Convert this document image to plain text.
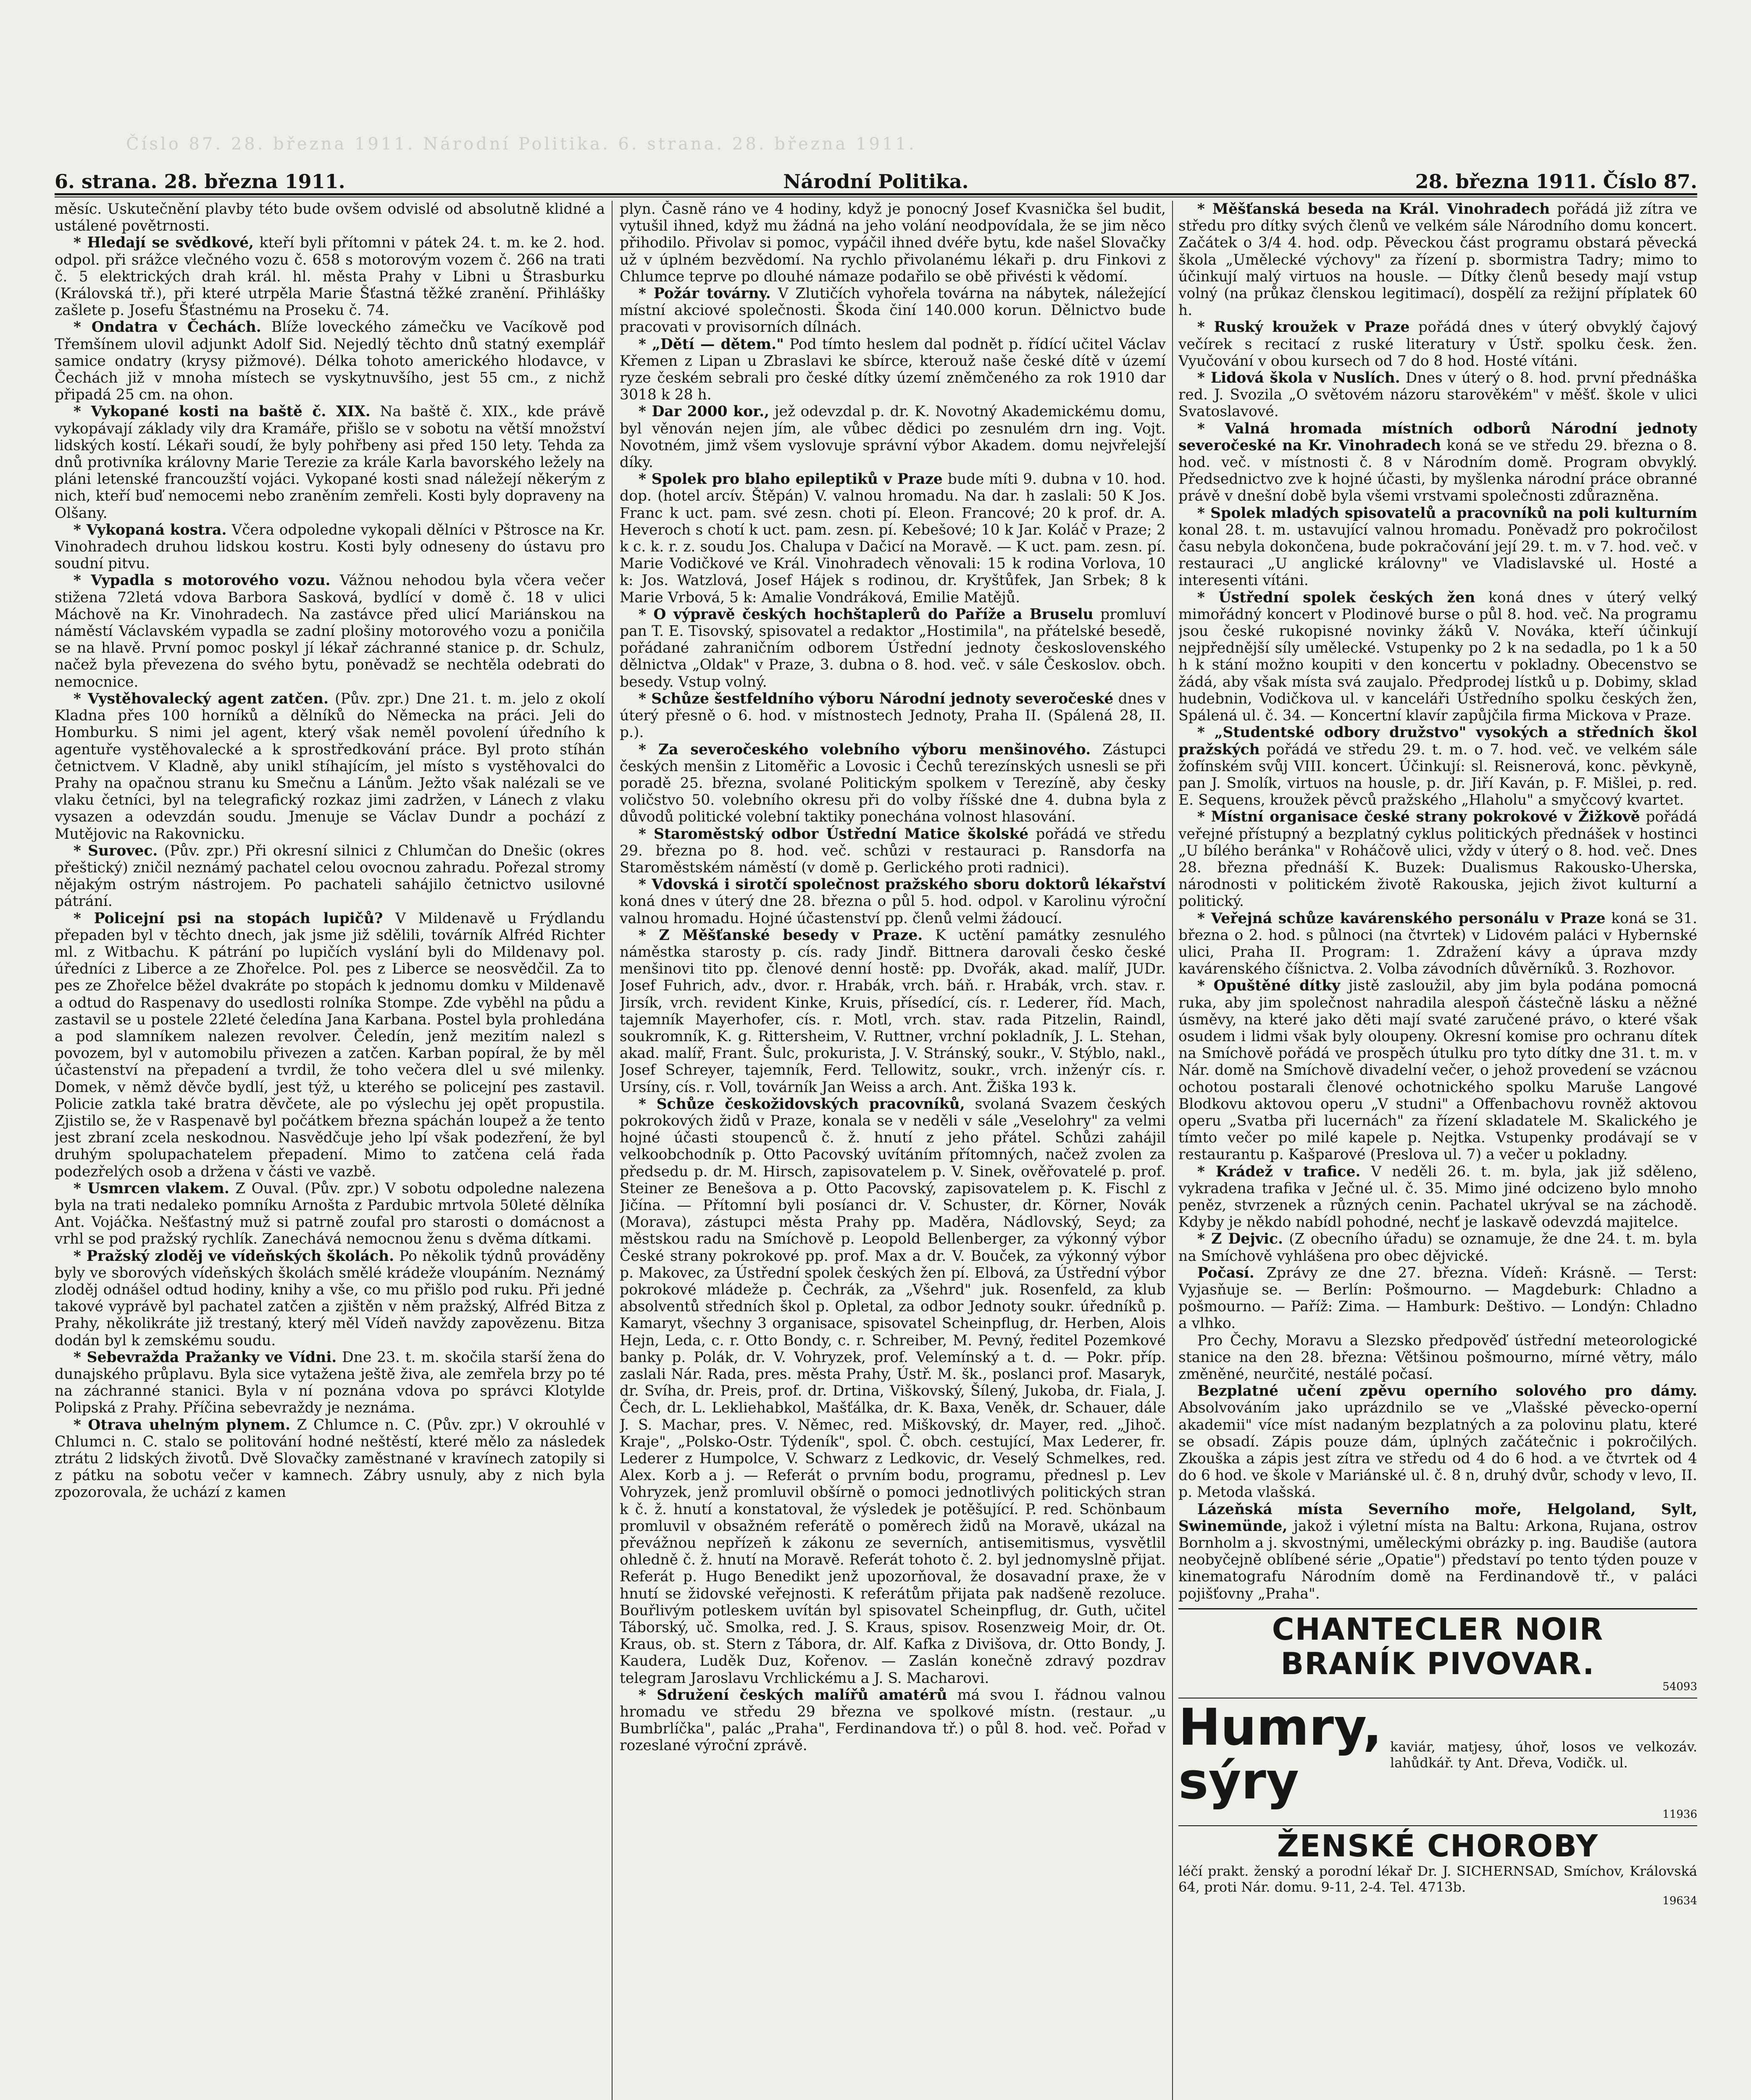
Číslo 87. 28. března 1911. Národní Politika. 6. strana. 28. března 1911.
6. strana. 28. března 1911.	Národní Politika.	28. března 1911. Číslo 87.

měsíc. Uskutečnění plavby této bude ovšem odvislé od absolutně klidné a ustálené povětrnosti.

* Hledají se svědkové, kteří byli přítomni v pátek 24. t. m. ke 2. hod. odpol. při srážce vlečného vozu č. 658 s motorovým vozem č. 266 na trati č. 5 elektrických drah král. hl. města Prahy v Libni u Štrasburku (Královská tř.), při které utrpěla Marie Šťastná těžké zranění. Přihlášky zašlete p. Josefu Šťastnému na Proseku č. 74.

* Ondatra v Čechách. Blíže loveckého zámečku ve Vacíkově pod Třemšínem ulovil adjunkt Adolf Sid. Nejedlý těchto dnů statný exemplář samice ondatry (krysy pižmové). Délka tohoto amerického hlodavce, v Čechách již v mnoha místech se vyskytnuvšího, jest 55 cm., z nichž připadá 25 cm. na ohon.

* Vykopané kosti na baště č. XIX. Na baště č. XIX., kde právě vykopávají základy vily dra Kramáře, přišlo se v sobotu na větší množství lidských kostí. Lékaři soudí, že byly pohřbeny asi před 150 lety. Tehda za dnů protivníka královny Marie Terezie za krále Karla bavorského ležely na pláni letenské francouzští vojáci. Vykopané kosti snad náležejí někerým z nich, kteří buď nemocemi nebo zraněním zemřeli. Kosti byly dopraveny na Olšany.

* Vykopaná kostra. Včera odpoledne vykopali dělníci v Pštrosce na Kr. Vinohradech druhou lidskou kostru. Kosti byly odneseny do ústavu pro soudní pitvu.

* Vypadla s motorového vozu. Vážnou nehodou byla včera večer stižena 72letá vdova Barbora Sasková, bydlící v domě č. 18 v ulici Máchově na Kr. Vinohradech. Na zastávce před ulicí Mariánskou na náměstí Václavském vypadla se zadní plošiny motorového vozu a poničila se na hlavě. První pomoc poskyl jí lékař záchranné stanice p. dr. Schulz, načež byla převezena do svého bytu, poněvadž se nechtěla odebrati do nemocnice.

* Vystěhovalecký agent zatčen. (Pův. zpr.) Dne 21. t. m. jelo z okolí Kladna přes 100 horníků a dělníků do Německa na práci. Jeli do Homburku. S nimi jel agent, který však neměl povolení úředního k agentuře vystěhovalecké a k sprostředkování práce. Byl proto stíhán četnictvem. V Kladně, aby unikl stíhajícím, jel místo s vystěhovalci do Prahy na opačnou stranu ku Smečnu a Lánům. Ježto však nalézali se ve vlaku četníci, byl na telegrafický rozkaz jimi zadržen, v Lánech z vlaku vysazen a odevzdán soudu. Jmenuje se Václav Dundr a pochází z Mutějovic na Rakovnicku.

* Surovec. (Pův. zpr.) Při okresní silnici z Chlumčan do Dnešic (okres přeštický) zničil neznámý pachatel celou ovocnou zahradu. Pořezal stromy nějakým ostrým nástrojem. Po pachateli sahájilo četnictvo usilovné pátrání.

* Policejní psi na stopách lupičů? V Mildenavě u Frýdlandu přepaden byl v těchto dnech, jak jsme již sdělili, továrník Alfréd Richter ml. z Witbachu. K pátrání po lupičích vyslání byli do Mildenavy pol. úředníci z Liberce a ze Zhořelce. Pol. pes z Liberce se neosvědčil. Za to pes ze Zhořelce běžel dvakráte po stopách k jednomu domku v Mildenavě a odtud do Raspenavy do usedlosti rolníka Stompe. Zde vyběhl na půdu a zastavil se u postele 22leté čeledína Jana Karbana. Postel byla prohledána a pod slamníkem nalezen revolver. Čeledín, jenž mezitím nalezl s povozem, byl v automobilu přivezen a zatčen. Karban popíral, že by měl účastenství na přepadení a tvrdil, že toho večera dlel u své milenky. Domek, v němž děvče bydlí, jest týž, u kterého se policejní pes zastavil. Policie zatkla také bratra děvčete, ale po výslechu jej opět propustila. Zjistilo se, že v Raspenavě byl počátkem března spáchán loupež a že tento jest zbraní zcela neskodnou. Nasvědčuje jeho lpí však podezření, že byl druhým spolupachatelem přepadení. Mimo to zatčena celá řada podezřelých osob a držena v části ve vazbě.

* Usmrcen vlakem. Z Ouval. (Pův. zpr.) V sobotu odpoledne nalezena byla na trati nedaleko pomníku Arnošta z Pardubic mrtvola 50leté dělníka Ant. Vojáčka. Nešťastný muž si patrně zoufal pro starosti o domácnost a vrhl se pod pražský rychlík. Zanechává nemocnou ženu s dvěma dítkami.

* Pražský zloděj ve vídeňských školách. Po několik týdnů prováděny byly ve sborových vídeňských školách smělé krádeže vloupáním. Neznámý zloděj odnášel odtud hodiny, knihy a vše, co mu přišlo pod ruku. Při jedné takové vyprávě byl pachatel zatčen a zjištěn v něm pražský, Alfréd Bitza z Prahy, několikráte již trestaný, který měl Vídeň navždy zapovězenu. Bitza dodán byl k zemskému soudu.

* Sebevražda Pražanky ve Vídni. Dne 23. t. m. skočila starší žena do dunajského průplavu. Byla sice vytažena ještě živa, ale zemřela brzy po té na záchranné stanici. Byla v ní poznána vdova po správci Klotylde Polipská z Prahy. Příčina sebevraždy je neznáma.

* Otrava uhelným plynem. Z Chlumce n. C. (Pův. zpr.) V okrouhlé v Chlumci n. C. stalo se politování hodné neštěstí, které mělo za následek ztrátu 2 lidských životů. Dvě Slovačky zaměstnané v kravínech zatopily si z pátku na sobotu večer v kamnech. Zábry usnuly, aby z nich byla zpozorovala, že uchází z kamen

plyn. Časně ráno ve 4 hodiny, když je ponocný Josef Kvasnička šel budit, vytušil ihned, když mu žádná na jeho volání neodpovídala, že se jim něco přihodilo. Přivolav si pomoc, vypáčil ihned dvéře bytu, kde našel Slovačky už v úplném bezvědomí. Na rychlo přivolanému lékaři p. dru Finkovi z Chlumce teprve po dlouhé námaze podařilo se obě přivésti k vědomí.

* Požár továrny. V Zlutičích vyhořela továrna na nábytek, náležející místní akciové společnosti. Škoda činí 140.000 korun. Dělnictvo bude pracovati v provisorních dílnách.

* „Dětí — dětem." Pod tímto heslem dal podnět p. řídící učitel Václav Křemen z Lipan u Zbraslavi ke sbírce, kterouž naše české dítě v území ryze českém sebrali pro české dítky území zněmčeného za rok 1910 dar 3018 k 28 h.

* Dar 2000 kor., jež odevzdal p. dr. K. Novotný Akademickému domu, byl věnován nejen jím, ale vůbec dědici po zesnulém drn ing. Vojt. Novotném, jimž všem vyslovuje správní výbor Akadem. domu nejvřelejší díky.

* Spolek pro blaho epileptiků v Praze bude míti 9. dubna v 10. hod. dop. (hotel arcív. Štěpán) V. valnou hromadu. Na dar. h zaslali: 50 K Jos. Franc k uct. pam. své zesn. choti pí. Eleon. Francové; 20 k prof. dr. A. Heveroch s chotí k uct. pam. zesn. pí. Kebešové; 10 k Jar. Koláč v Praze; 2 k c. k. r. z. soudu Jos. Chalupa v Dačicí na Moravě. — K uct. pam. zesn. pí. Marie Vodičkové ve Král. Vinohradech věnovali: 15 k rodina Vorlova, 10 k: Jos. Watzlová, Josef Hájek s rodinou, dr. Kryštůfek, Jan Srbek; 8 k Marie Vrbová, 5 k: Amalie Vondráková, Emilie Matějů.

* O výpravě českých hochštaplerů do Paříže a Bruselu promluví pan T. E. Tisovský, spisovatel a redaktor „Hostimila", na přátelské besedě, pořádané zahraničním odborem Ústřední jednoty československého dělnictva „Oldak" v Praze, 3. dubna o 8. hod. več. v sále Českoslov. obch. besedy. Vstup volný.

* Schůze šestfeldního výboru Národní jednoty severočeské dnes v úterý přesně o 6. hod. v místnostech Jednoty, Praha II. (Spálená 28, II. p.).

* Za severočeského volebního výboru menšinového. Zástupci českých menšin z Litoměřic a Lovosic i Čechů terezínských usnesli se při poradě 25. března, svolané Politickým spolkem v Terezíně, aby česky voličstvo 50. volebního okresu při do volby říšské dne 4. dubna byla z důvodů politické volební taktiky ponechána volnost hlasování.

* Staroměstský odbor Ústřední Matice školské pořádá ve středu 29. března po 8. hod. več. schůzi v restauraci p. Ransdorfa na Staroměstském náměstí (v domě p. Gerlického proti radnici).

* Vdovská i sirotčí společnost pražského sboru doktorů lékařství koná dnes v úterý dne 28. března o půl 5. hod. odpol. v Karolinu výroční valnou hromadu. Hojné účastenství pp. členů velmi žádoucí.

* Z Měšťanské besedy v Praze. K uctění památky zesnulého náměstka starosty p. cís. rady Jindř. Bittnera darovali česko české menšinovi tito pp. členové denní hostě: pp. Dvořák, akad. malíř, JUDr. Josef Fuhrich, adv., dvor. r. Hrabák, vrch. báň. r. Hrabák, vrch. stav. r. Jirsík, vrch. revident Kinke, Kruis, přísedící, cís. r. Lederer, říd. Mach, tajemník Mayerhofer, cís. r. Motl, vrch. stav. rada Pitzelin, Raindl, soukromník, K. g. Rittersheim, V. Ruttner, vrchní pokladník, J. L. Stehan, akad. malíř, Frant. Šulc, prokurista, J. V. Stránský, soukr., V. Stýblo, nakl., Josef Schreyer, tajemník, Ferd. Tellowitz, soukr., vrch. inženýr cís. r. Ursíny, cís. r. Voll, továrník Jan Weiss a arch. Ant. Žiška 193 k.

* Schůze českožidovských pracovníků, svolaná Svazem českých pokrokových židů v Praze, konala se v neděli v sále „Veselohry" za velmi hojné účasti stoupenců č. ž. hnutí z jeho přátel. Schůzi zahájil velkoobchodník p. Otto Pacovský uvítáním přítomných, načež zvolen za předsedu p. dr. M. Hirsch, zapisovatelem p. V. Sinek, ověřovatelé p. prof. Steiner ze Benešova a p. Otto Pacovský, zapisovatelem p. K. Fischl z Jičína. — Přítomní byli posíanci dr. V. Schuster, dr. Körner, Novák (Morava), zástupci města Prahy pp. Maděra, Nádlovský, Seyd; za městskou radu na Smíchově p. Leopold Bellenberger, za výkonný výbor České strany pokrokové pp. prof. Max a dr. V. Bouček, za výkonný výbor p. Makovec, za Ústřední spolek českých žen pí. Elbová, za Ústřední výbor pokrokové mládeže p. Čechrák, za „Všehrd" juk. Rosenfeld, za klub absolventů středních škol p. Opletal, za odbor Jednoty soukr. úředníků p. Kamaryt, všechny 3 organisace, spisovatel Scheinpflug, dr. Herben, Alois Hejn, Leda, c. r. Otto Bondy, c. r. Schreiber, M. Pevný, ředitel Pozemkové banky p. Polák, dr. V. Vohryzek, prof. Velemínský a t. d. — Pokr. příp. zaslali Nár. Rada, pres. města Prahy, Ústř. M. šk., poslanci prof. Masaryk, dr. Svíha, dr. Preis, prof. dr. Drtina, Viškovský, Šílený, Jukoba, dr. Fiala, J. Čech, dr. L. Lekliehabkol, Mašťálka, dr. K. Baxa, Veněk, dr. Schauer, dále J. S. Machar, pres. V. Němec, red. Miškovský, dr. Mayer, red. „Jihoč. Kraje", „Polsko-Ostr. Týdeník", spol. Č. obch. cestující, Max Lederer, fr. Lederer z Humpolce, V. Schwarz z Ledkovic, dr. Veselý Schmelkes, red. Alex. Korb a j. — Referát o prvním bodu, programu, přednesl p. Lev Vohryzek, jenž promluvil obšírně o pomoci jednotlivých politických stran k č. ž. hnutí a konstatoval, že výsledek je potěšující. P. red. Schönbaum promluvil v obsažném referátě o poměrech židů na Moravě, ukázal na převážnou nepřízeň k zákonu ze severních, antisemitismus, vysvětlil ohledně č. ž. hnutí na Moravě. Referát tohoto č. 2. byl jednomyslně přijat. Referát p. Hugo Benedikt jenž upozorňoval, že dosavadní praxe, že v hnutí se židovské veřejnosti. K referátům přijata pak nadšeně rezoluce. Bouřlivým potleskem uvítán byl spisovatel Scheinpflug, dr. Guth, učitel Táborský, uč. Smolka, red. J. S. Kraus, spisov. Rosenzweig Moir, dr. Ot. Kraus, ob. st. Stern z Tábora, dr. Alf. Kafka z Divišova, dr. Otto Bondy, J. Kaudera, Luděk Duz, Kořenov. — Zaslán konečně zdravý pozdrav telegram Jaroslavu Vrchlickému a J. S. Macharovi.

* Sdružení českých malířů amatérů má svou I. řádnou valnou hromadu ve středu 29 března ve spolkové místn. (restaur. „u Bumbrlíčka", palác „Praha", Ferdinandova tř.) o půl 8. hod. več. Pořad v rozeslané výroční zprávě.

* Měšťanská beseda na Král. Vinohradech pořádá již zítra ve středu pro dítky svých členů ve velkém sále Národního domu koncert. Začátek o 3/4 4. hod. odp. Pěveckou část programu obstará pěvecká škola „Umělecké výchovy" za řízení p. sbormistra Tadry; mimo to účinkují malý virtuos na housle. — Dítky členů besedy mají vstup volný (na průkaz členskou legitimací), dospělí za režijní příplatek 60 h.

* Ruský kroužek v Praze pořádá dnes v úterý obvyklý čajový večírek s recitací z ruské literatury v Ústř. spolku česk. žen. Vyučování v obou kursech od 7 do 8 hod. Hosté vítáni.

* Lidová škola v Nuslích. Dnes v úterý o 8. hod. první přednáška red. J. Svozila „O světovém názoru starověkém" v měšť. škole v ulici Svatoslavové.

* Valná hromada místních odborů Národní jednoty severočeské na Kr. Vinohradech koná se ve středu 29. března o 8. hod. več. v místnosti č. 8 v Národním domě. Program obvyklý. Předsednictvo zve k hojné účasti, by myšlenka národní práce obranné právě v dnešní době byla všemi vrstvami společnosti zdůrazněna.

* Spolek mladých spisovatelů a pracovníků na poli kulturním konal 28. t. m. ustavující valnou hromadu. Poněvadž pro pokročilost času nebyla dokončena, bude pokračování její 29. t. m. v 7. hod. več. v restauraci „U anglické královny" ve Vladislavské ul. Hosté a interesenti vítáni.

* Ústřední spolek českých žen koná dnes v úterý velký mimořádný koncert v Plodinové burse o půl 8. hod. več. Na programu jsou české rukopisné novinky žáků V. Nováka, kteří účinkují nejpřednější síly umělecké. Vstupenky po 2 k na sedadla, po 1 k a 50 h k stání možno koupiti v den koncertu v pokladny. Obecenstvo se žádá, aby však místa svá zaujalo. Předprodej lístků u p. Dobimy, sklad hudebnin, Vodičkova ul. v kanceláři Ústředního spolku českých žen, Spálená ul. č. 34. — Koncertní klavír zapůjčila firma Mickova v Praze.

* „Studentské odbory družstvo" vysokých a středních škol pražských pořádá ve středu 29. t. m. o 7. hod. več. ve velkém sále žofínském svůj VIII. koncert. Účinkují: sl. Reisnerová, konc. pěvkyně, pan J. Smolík, virtuos na housle, p. dr. Jiří Kaván, p. F. Mišlei, p. red. E. Sequens, kroužek pěvců pražského „Hlaholu" a smyčcový kvartet.

* Místní organisace české strany pokrokové v Žižkově pořádá veřejné přístupný a bezplatný cyklus politických přednášek v hostinci „U bílého beránka" v Roháčově ulici, vždy v úterý o 8. hod. več. Dnes 28. března přednáší K. Buzek: Dualismus Rakousko-Uherska, národnosti v politickém životě Rakouska, jejich život kulturní a politický.

* Veřejná schůze kavárenského personálu v Praze koná se 31. března o 2. hod. s půlnoci (na čtvrtek) v Lidovém paláci v Hybernské ulici, Praha II. Program: 1. Zdražení kávy a úprava mzdy kavárenského číšnictva. 2. Volba závodních důvěrníků. 3. Rozhovor.

* Opuštěné dítky jistě zasloužil, aby jim byla podána pomocná ruka, aby jim společnost nahradila alespoň částečně lásku a něžné úsměvy, na které jako děti mají svaté zaručené právo, o které však osudem i lidmi však byly oloupeny. Okresní komise pro ochranu dítek na Smíchově pořádá ve prospěch útulku pro tyto dítky dne 31. t. m. v Nár. domě na Smíchově divadelní večer, o jehož provedení se vzácnou ochotou postarali členové ochotnického spolku Maruše Langové Blodkovu aktovou operu „V studni" a Offenbachovu rovněž aktovou operu „Svatba při lucernách" za řízení skladatele M. Skalického je tímto večer po milé kapele p. Nejtka. Vstupenky prodávají se v restaurantu p. Kašparové (Preslova ul. 7) a večer u pokladny.

* Krádež v trafice. V neděli 26. t. m. byla, jak již sděleno, vykradena trafika v Ječné ul. č. 35. Mimo jiné odcizeno bylo mnoho peněz, stvrzenek a různých cenin. Pachatel ukrýval se na záchodě. Kdyby je někdo nabídl pohodné, nechť je laskavě odevzdá majitelce.

* Z Dejvic. (Z obecního úřadu) se oznamuje, že dne 24. t. m. byla na Smíchově vyhlášena pro obec dějvické.

Počasí. Zprávy ze dne 27. března. Vídeň: Krásně. — Terst: Vyjasňuje se. — Berlín: Pošmourno. — Magdeburk: Chladno a pošmourno. — Paříž: Zima. — Hamburk: Deštivo. — Londýn: Chladno a vlhko.

Pro Čechy, Moravu a Slezsko předpověď ústřední meteorologické stanice na den 28. března: Většinou pošmourno, mírné větry, málo změněné, neurčité, nestálé počasí.

Bezplatné učení zpěvu operního solového pro dámy. Absolvováním jako uprázdnilo se ve „Vlašské pěvecko-operní akademii" více míst nadaným bezplatných a za polovinu platu, které se obsadí. Zápis pouze dám, úplných začátečnic i pokročilých. Zkouška a zápis jest zítra ve středu od 4 do 6 hod. a ve čtvrtek od 4 do 6 hod. ve škole v Mariánské ul. č. 8 n, druhý dvůr, schody v levo, II. p. Metoda vlašská.

Lázeňská místa Severního moře, Helgoland, Sylt, Swinemünde, jakož i výletní místa na Baltu: Arkona, Rujana, ostrov Bornholm a j. skvostnými, uměleckými obrázky p. ing. Baudiše (autora neobyčejně oblíbené série „Opatie") představí po tento týden pouze v kinematografu Národním domě na Ferdinandově tř., v paláci pojišťovny „Praha".

CHANTECLER NOIR
BRANÍK PIVOVAR.
54093
Humry, sýry
kaviár, matjesy, úhoř, losos ve velkozáv. lahůdkář. ty Ant. Dřeva, Vodičk. ul.
11936
ŽENSKÉ CHOROBY
léčí prakt. ženský a porodní lékař Dr. J. SICHERNSAD, Smíchov, Královská 64, proti Nár. domu. 9-11, 2-4. Tel. 4713b.
19634
